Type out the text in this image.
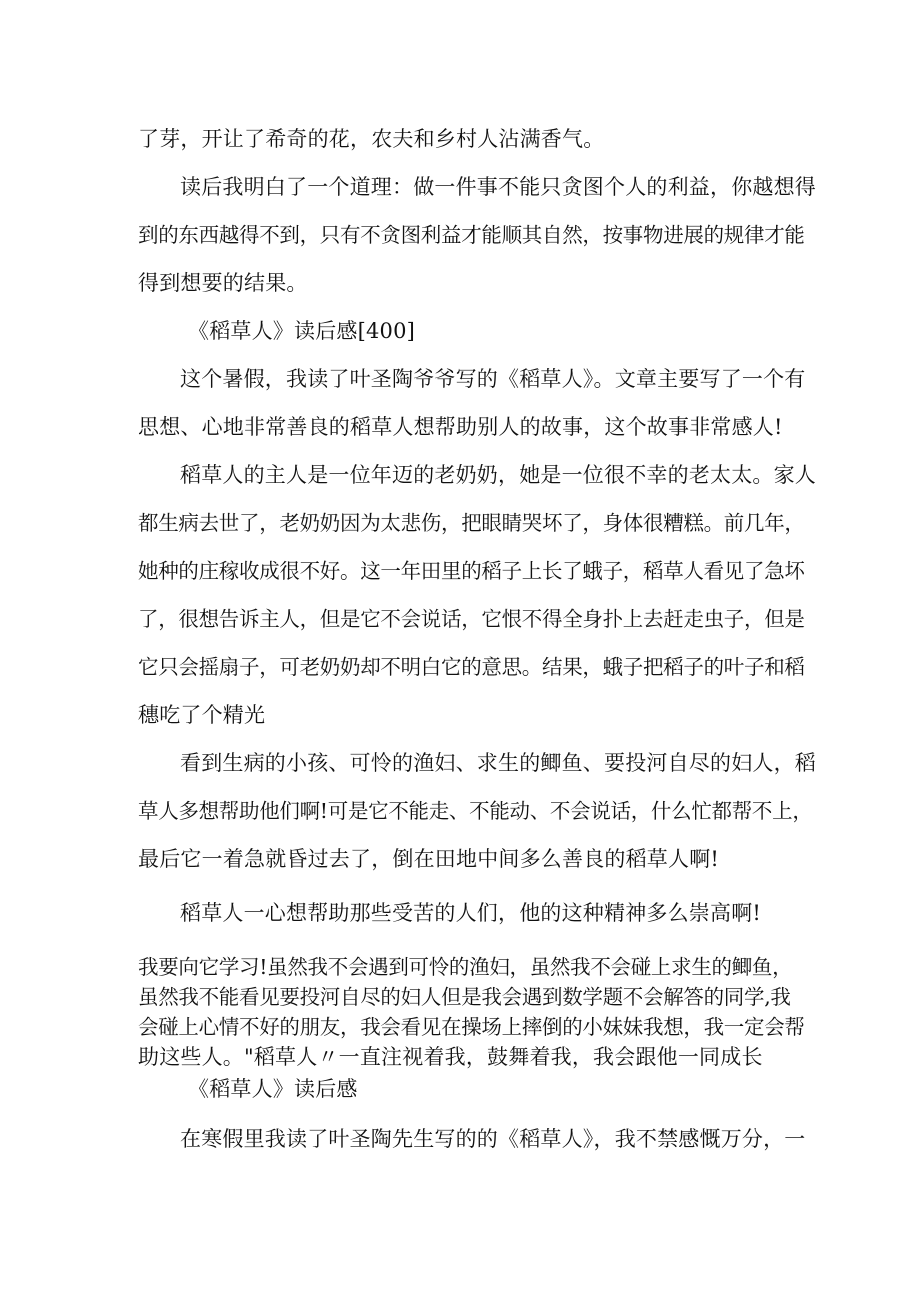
了芽，开让了希奇的花，农夫和乡村人沾满香气。
读后我明白了一个道理：做一件事不能只贪图个人的利益，你越想得
到的东西越得不到，只有不贪图利益才能顺其自然，按事物进展的规律才能
得到想要的结果。
《稻草人》读后感[400]
这个暑假，我读了叶圣陶爷爷写的《稻草人》。文章主要写了一个有
思想、心地非常善良的稻草人想帮助别人的故事，这个故事非常感人!
稻草人的主人是一位年迈的老奶奶，她是一位很不幸的老太太。家人
都生病去世了，老奶奶因为太悲伤，把眼睛哭坏了，身体很糟糕。前几年，
她种的庄稼收成很不好。这一年田里的稻子上长了蛾子，稻草人看见了急坏
了，很想告诉主人，但是它不会说话，它恨不得全身扑上去赶走虫子，但是
它只会摇扇子，可老奶奶却不明白它的意思。结果，蛾子把稻子的叶子和稻
穗吃了个精光
看到生病的小孩、可怜的渔妇、求生的鲫鱼、要投河自尽的妇人，稻
草人多想帮助他们啊!可是它不能走、不能动、不会说话，什么忙都帮不上，
最后它一着急就昏过去了，倒在田地中间多么善良的稻草人啊!
稻草人一心想帮助那些受苦的人们，他的这种精神多么崇高啊!
我要向它学习!虽然我不会遇到可怜的渔妇，虽然我不会碰上求生的鲫鱼，
虽然我不能看见要投河自尽的妇人但是我会遇到数学题不会解答的同学,我
会碰上心情不好的朋友，我会看见在操场上摔倒的小妹妹我想，我一定会帮
助这些人。"稻草人〃一直注视着我，鼓舞着我，我会跟他一同成长
《稻草人》读后感
在寒假里我读了叶圣陶先生写的的《稻草人》，我不禁感慨万分，一
